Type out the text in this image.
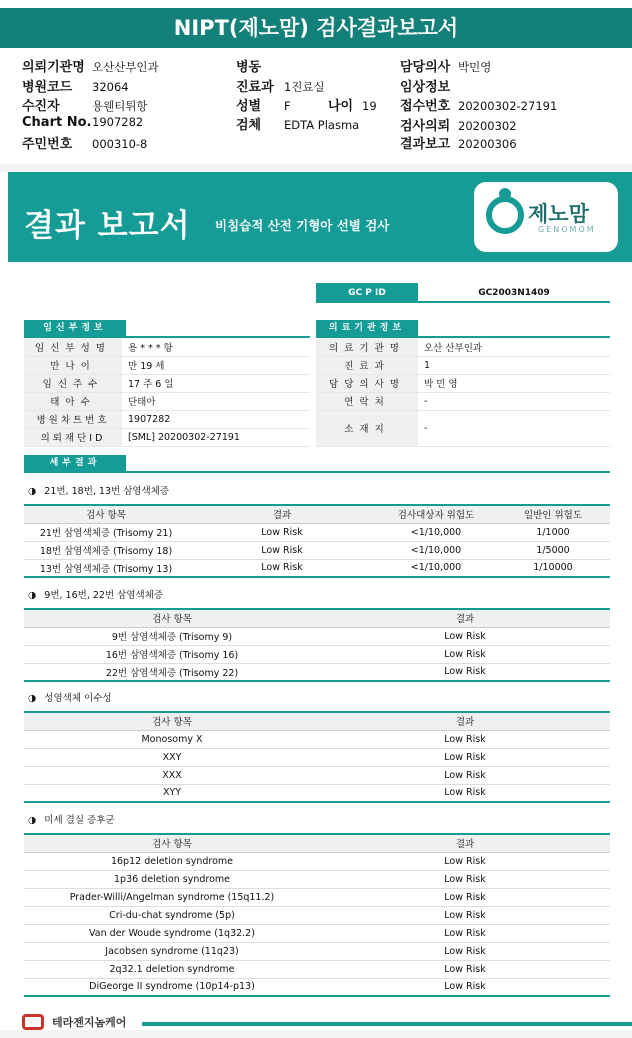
NIPT(제노맘) 검사결과보고서
의뢰기관명 오산산부인과
병원코드 32064
수진자	용웬티튀항
Chart No.1907282
주민번호 000310-8
병동
진료과 1진료실
성별 F
검체 EDTA Plasma
나이 19
담당의사 박민영
임상정보
접수번호 20200302-27191
검사의뢰 20200302
결과보고 20200306
결과 보고서 비침습적 산전 기형아 선별 검사	제노맘
GENOMOM
GC P ID	GC2003N1409
임신부정보
임신부성명	용 * * * 항
만나이	만 19 세
임신주수	17 주 6 일
태아수	단태아
병원차트번호	1907282
의뢰재단ID	[SML] 20200302-27191
의료기관정보
의료기관명	오산 산부인과
진료과	1
담당의사명	박 민 영
연락처	-
소재지	-
세부결과
◑ 21번, 18번, 13번 삼염색체증
검사 항목	결과	검사대상자 위험도	일반인 위험도
21번 삼염색체증 (Trisomy 21)	Low Risk	<1/10,000	1/1000
18번 삼염색체증 (Trisomy 18)	Low Risk	<1/10,000	1/5000
13번 삼염색체증 (Trisomy 13)	Low Risk	<1/10,000	1/10000
◑ 9번, 16번, 22번 삼염색체증
검사 항목	결과
9번 삼염색체증 (Trisomy 9)	Low Risk
16번 삼염색체증 (Trisomy 16)	Low Risk
22번 삼염색체증 (Trisomy 22)	Low Risk
◑ 성염색체 이수성
검사 항목	결과
Monosomy X	Low Risk
XXY	Low Risk
XXX	Low Risk
XYY	Low Risk
◑ 미세 결실 증후군
검사 항목	결과
16p12 deletion syndrome	Low Risk
1p36 deletion syndrome	Low Risk
Prader-Willi/Angelman syndrome (15q11.2)	Low Risk
Cri-du-chat syndrome (5p)	Low Risk
Van der Woude syndrome (1q32.2)	Low Risk
Jacobsen syndrome (11q23)	Low Risk
2q32.1 deletion syndrome	Low Risk
DiGeorge II syndrome (10p14-p13)	Low Risk
테라젠지놈케어
